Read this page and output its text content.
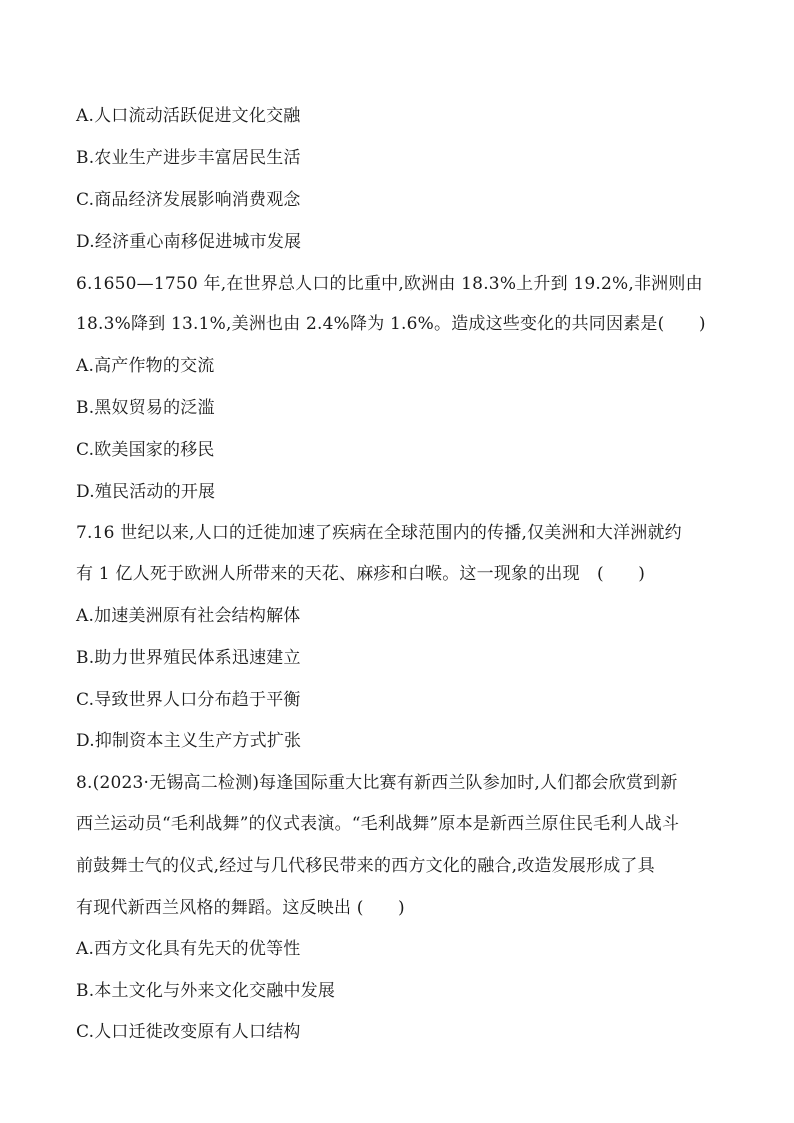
A.人口流动活跃促进文化交融
B.农业生产进步丰富居民生活
C.商品经济发展影响消费观念
D.经济重心南移促进城市发展
6.1650—1750 年,在世界总人口的比重中,欧洲由 18.3%上升到 19.2%,非洲则由
18.3%降到 13.1%,美洲也由 2.4%降为 1.6%。造成这些变化的共同因素是(　　)
A.高产作物的交流
B.黑奴贸易的泛滥
C.欧美国家的移民
D.殖民活动的开展
7.16 世纪以来,人口的迁徙加速了疾病在全球范围内的传播,仅美洲和大洋洲就约
有 1 亿人死于欧洲人所带来的天花、麻疹和白喉。这一现象的出现　(　　)
A.加速美洲原有社会结构解体
B.助力世界殖民体系迅速建立
C.导致世界人口分布趋于平衡
D.抑制资本主义生产方式扩张
8.(2023·无锡高二检测)每逢国际重大比赛有新西兰队参加时,人们都会欣赏到新
西兰运动员“毛利战舞”的仪式表演。“毛利战舞”原本是新西兰原住民毛利人战斗
前鼓舞士气的仪式,经过与几代移民带来的西方文化的融合,改造发展形成了具
有现代新西兰风格的舞蹈。这反映出 (　　)
A.西方文化具有先天的优等性
B.本土文化与外来文化交融中发展
C.人口迁徙改变原有人口结构
